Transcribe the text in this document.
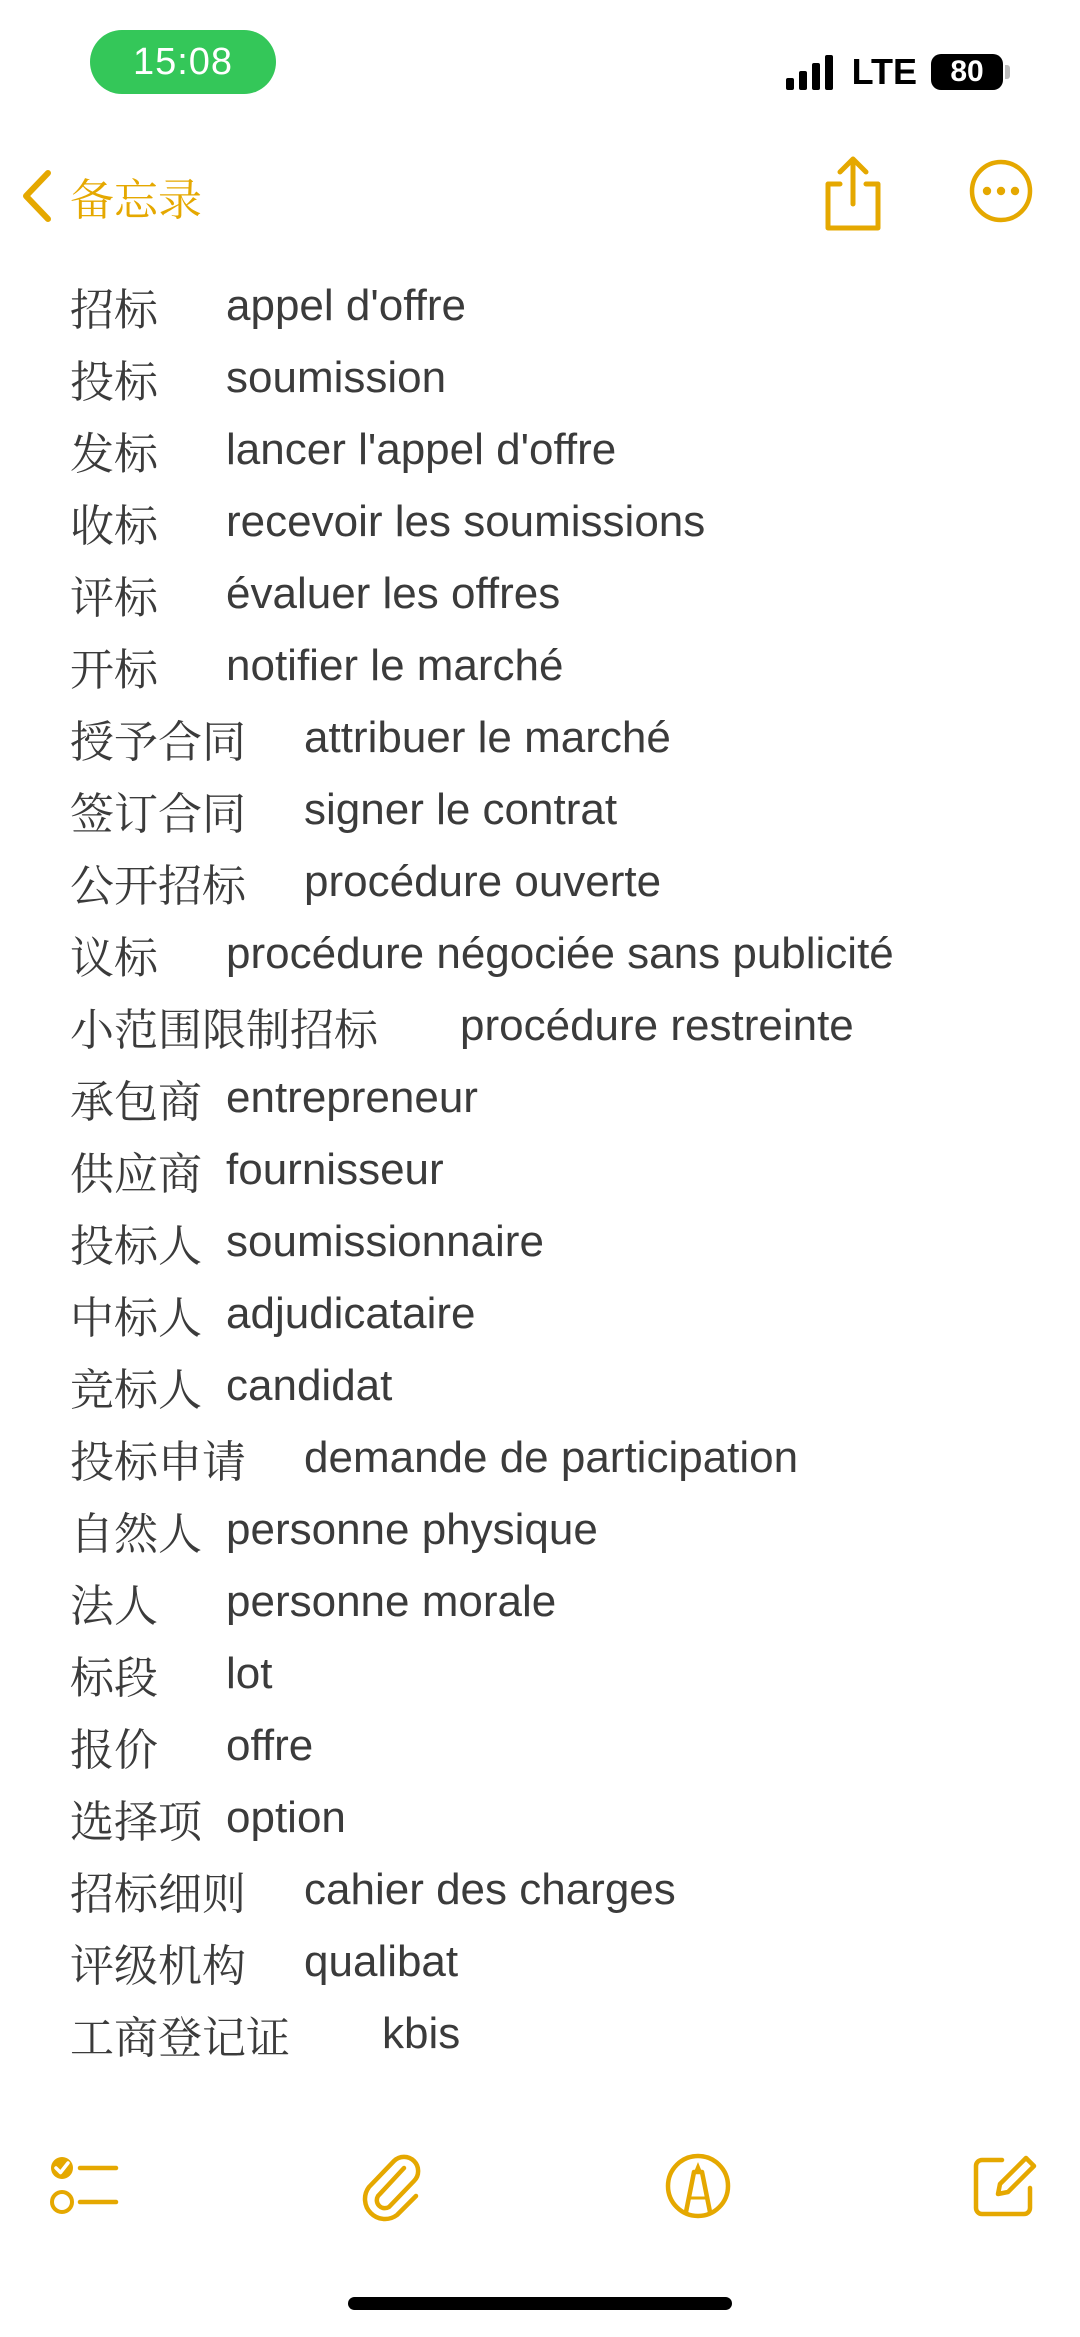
15:08	LTE	80
备忘录
招标	appel d'offre
投标	soumission
发标	lancer l'appel d'offre
收标	recevoir les soumissions
评标	évaluer les offres
开标	notifier le marché
授予合同	attribuer le marché
签订合同	signer le contrat
公开招标	procédure ouverte
议标	procédure négociée sans publicité
小范围限制招标	procédure restreinte
承包商 entrepreneur
供应商 fournisseur
投标人 soumissionnaire
中标人 adjudicataire
竞标人 candidat
投标申请	demande de participation
自然人 personne physique
法人	personne morale
标段	lot
报价	offre
选择项 option
招标细则	cahier des charges
评级机构	qualibat
工商登记证	kbis
